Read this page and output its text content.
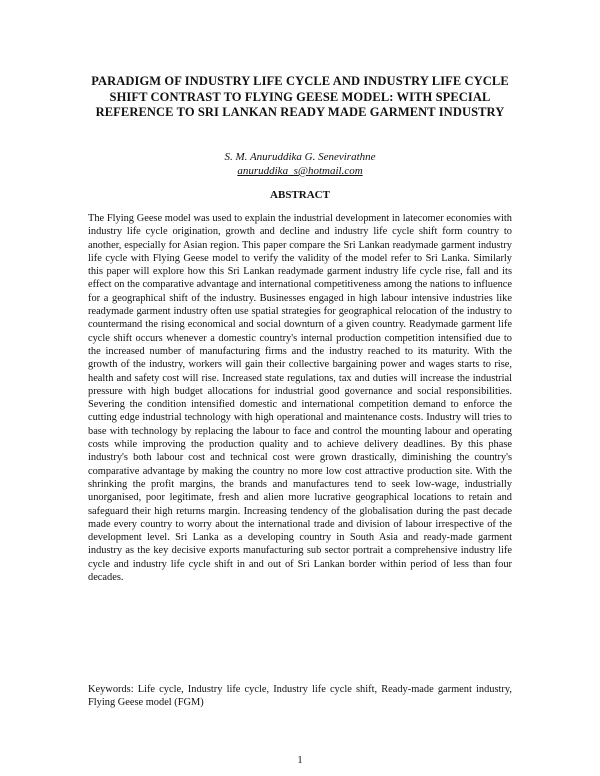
PARADIGM OF INDUSTRY LIFE CYCLE AND INDUSTRY LIFE CYCLE SHIFT CONTRAST TO FLYING GEESE MODEL: WITH SPECIAL REFERENCE TO SRI LANKAN READY MADE GARMENT INDUSTRY
S. M. Anuruddika G. Senevirathne
anuruddika_s@hotmail.com
ABSTRACT

The Flying Geese model was used to explain the industrial development in latecomer economies with industry life cycle origination, growth and decline and industry life cycle shift form country to another, especially for Asian region. This paper compare the Sri Lankan readymade garment industry life cycle with Flying Geese model to verify the validity of the model refer to Sri Lanka. Similarly this paper will explore how this Sri Lankan readymade garment industry life cycle rise, fall and its effect on the comparative advantage and international competitiveness among the nations to influence for a geographical shift of the industry. Businesses engaged in high labour intensive industries like readymade garment industry often use spatial strategies for geographical relocation of the industry to countermand the rising economical and social downturn of a given country. Readymade garment life cycle shift occurs whenever a domestic country's internal production competition intensified due to the increased number of manufacturing firms and the industry reached to its maturity. With the growth of the industry, workers will gain their collective bargaining power and wages starts to rise, health and safety cost will rise. Increased state regulations, tax and duties will increase the industrial pressure with high budget allocations for industrial good governance and social responsibilities. Severing the condition intensified domestic and international competition demand to enforce the cutting edge industrial technology with high operational and maintenance costs. Industry will tries to base with technology by replacing the labour to face and control the mounting labour and operating costs while improving the production quality and to achieve delivery deadlines. By this phase industry's both labour cost and technical cost were grown drastically, diminishing the country's comparative advantage by making the country no more low cost attractive production site. With the shrinking the profit margins, the brands and manufactures tend to seek low-wage, industrially unorganised, poor legitimate, fresh and alien more lucrative geographical locations to retain and safeguard their high returns margin. Increasing tendency of the globalisation during the past decade made every country to worry about the international trade and division of labour irrespective of the development level. Sri Lanka as a developing country in South Asia and ready-made garment industry as the key decisive exports manufacturing sub sector portrait a comprehensive industry life cycle and industry life cycle shift in and out of Sri Lankan border within period of less than four decades.

Keywords: Life cycle, Industry life cycle, Industry life cycle shift, Ready-made garment industry, Flying Geese model (FGM)

1
